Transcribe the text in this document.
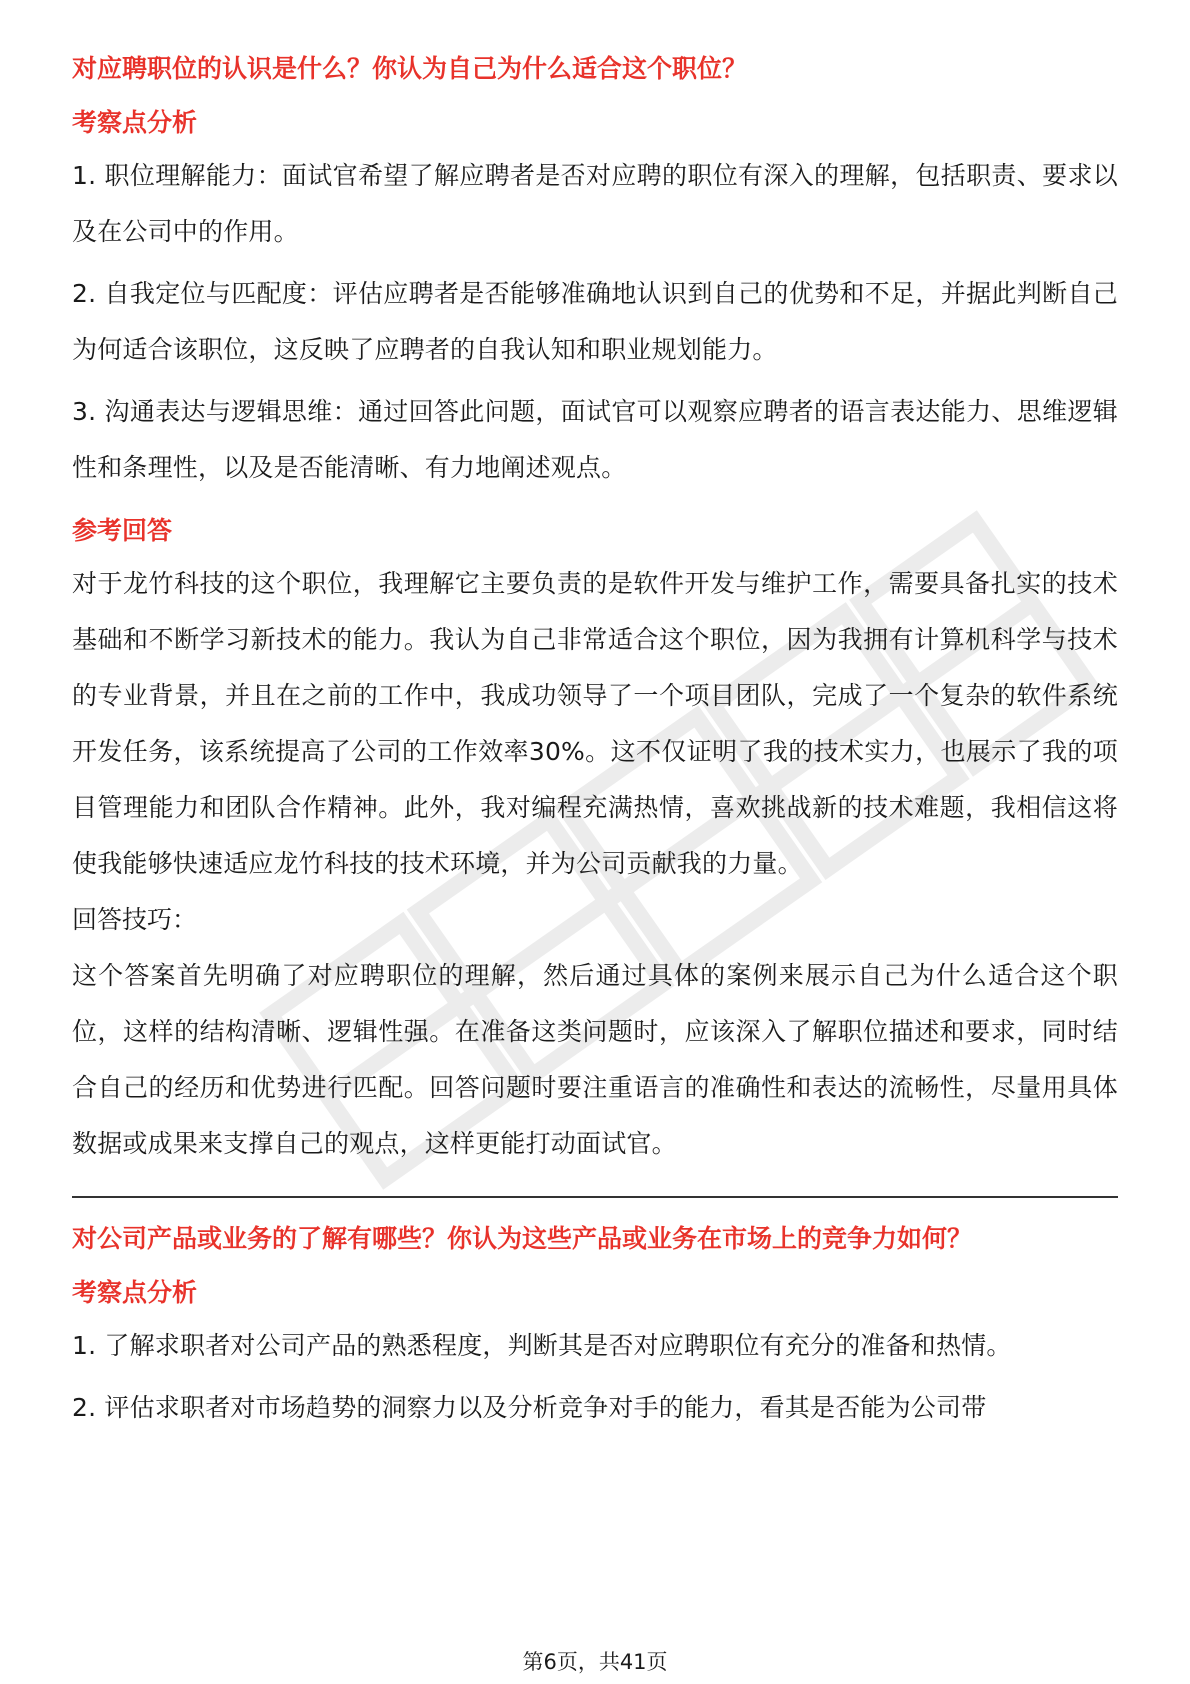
对应聘职位的认识是什么？你认为自己为什么适合这个职位？
考察点分析

1. 职位理解能力：面试官希望了解应聘者是否对应聘的职位有深入的理解，包括职责、要求以及在公司中的作用。

2. 自我定位与匹配度：评估应聘者是否能够准确地认识到自己的优势和不足，并据此判断自己为何适合该职位，这反映了应聘者的自我认知和职业规划能力。

3. 沟通表达与逻辑思维：通过回答此问题，面试官可以观察应聘者的语言表达能力、思维逻辑性和条理性，以及是否能清晰、有力地阐述观点。

参考回答

对于龙竹科技的这个职位，我理解它主要负责的是软件开发与维护工作，需要具备扎实的技术基础和不断学习新技术的能力。我认为自己非常适合这个职位，因为我拥有计算机科学与技术的专业背景，并且在之前的工作中，我成功领导了一个项目团队，完成了一个复杂的软件系统开发任务，该系统提高了公司的工作效率30%。这不仅证明了我的技术实力，也展示了我的项目管理能力和团队合作精神。此外，我对编程充满热情，喜欢挑战新的技术难题，我相信这将使我能够快速适应龙竹科技的技术环境，并为公司贡献我的力量。

回答技巧：

这个答案首先明确了对应聘职位的理解，然后通过具体的案例来展示自己为什么适合这个职位，这样的结构清晰、逻辑性强。在准备这类问题时，应该深入了解职位描述和要求，同时结合自己的经历和优势进行匹配。回答问题时要注重语言的准确性和表达的流畅性，尽量用具体数据或成果来支撑自己的观点，这样更能打动面试官。

对公司产品或业务的了解有哪些？你认为这些产品或业务在市场上的竞争力如何？
考察点分析

1. 了解求职者对公司产品的熟悉程度，判断其是否对应聘职位有充分的准备和热情。

2. 评估求职者对市场趋势的洞察力以及分析竞争对手的能力，看其是否能为公司带

第6页，共41页
